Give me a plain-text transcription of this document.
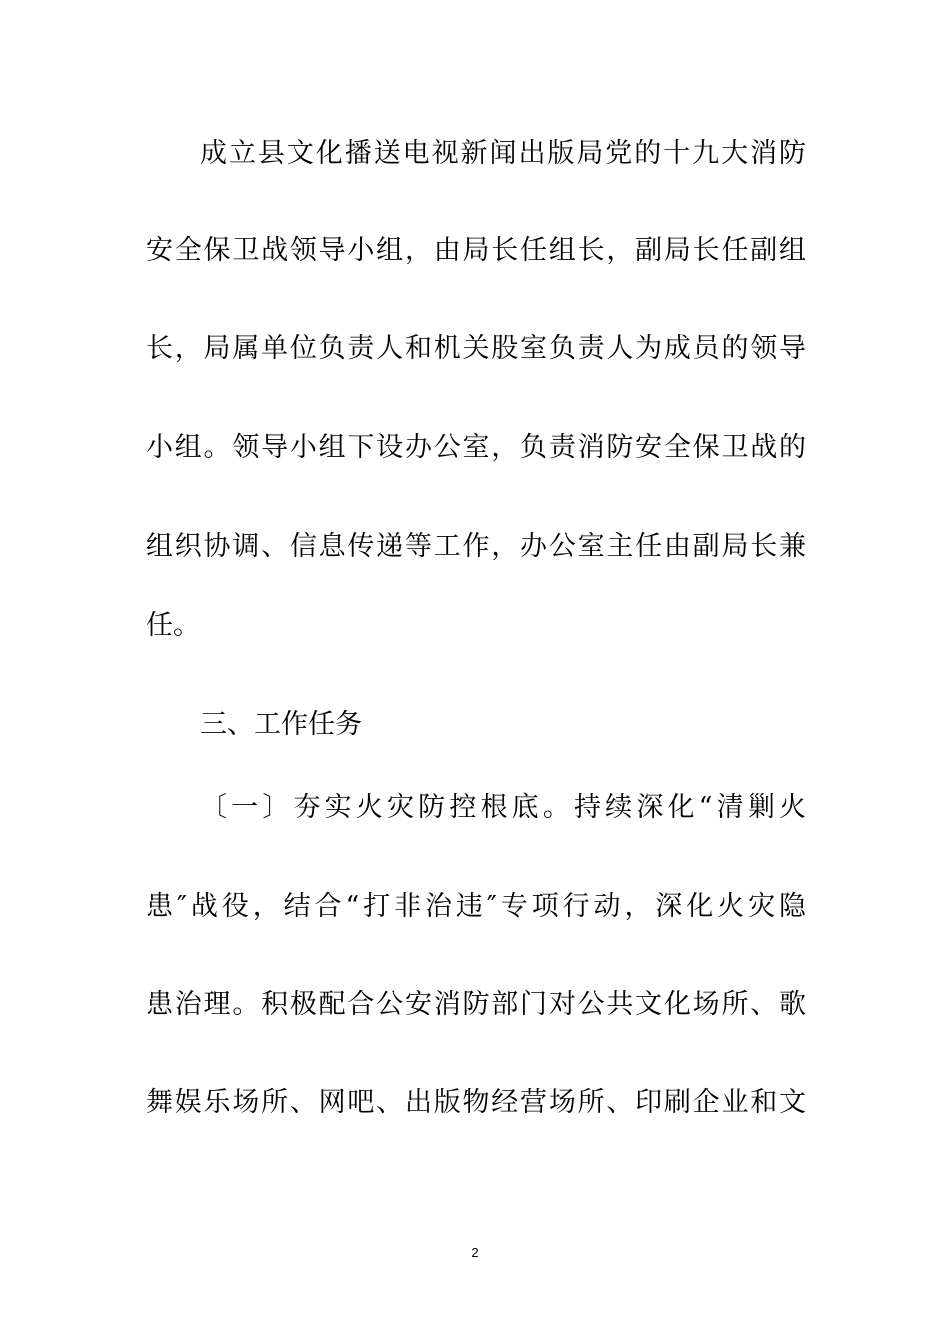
成立县文化播送电视新闻出版局党的十九大消防
安全保卫战领导小组，由局长任组长，副局长任副组
长，局属单位负责人和机关股室负责人为成员的领导
小组。领导小组下设办公室，负责消防安全保卫战的
组织协调、信息传递等工作，办公室主任由副局长兼
任。
三、工作任务
〔一〕夯实火灾防控根底。持续深化“清剿火
患″战役，结合“打非治违″专项行动，深化火灾隐
患治理。积极配合公安消防部门对公共文化场所、歌
舞娱乐场所、网吧、出版物经营场所、印刷企业和文
2
